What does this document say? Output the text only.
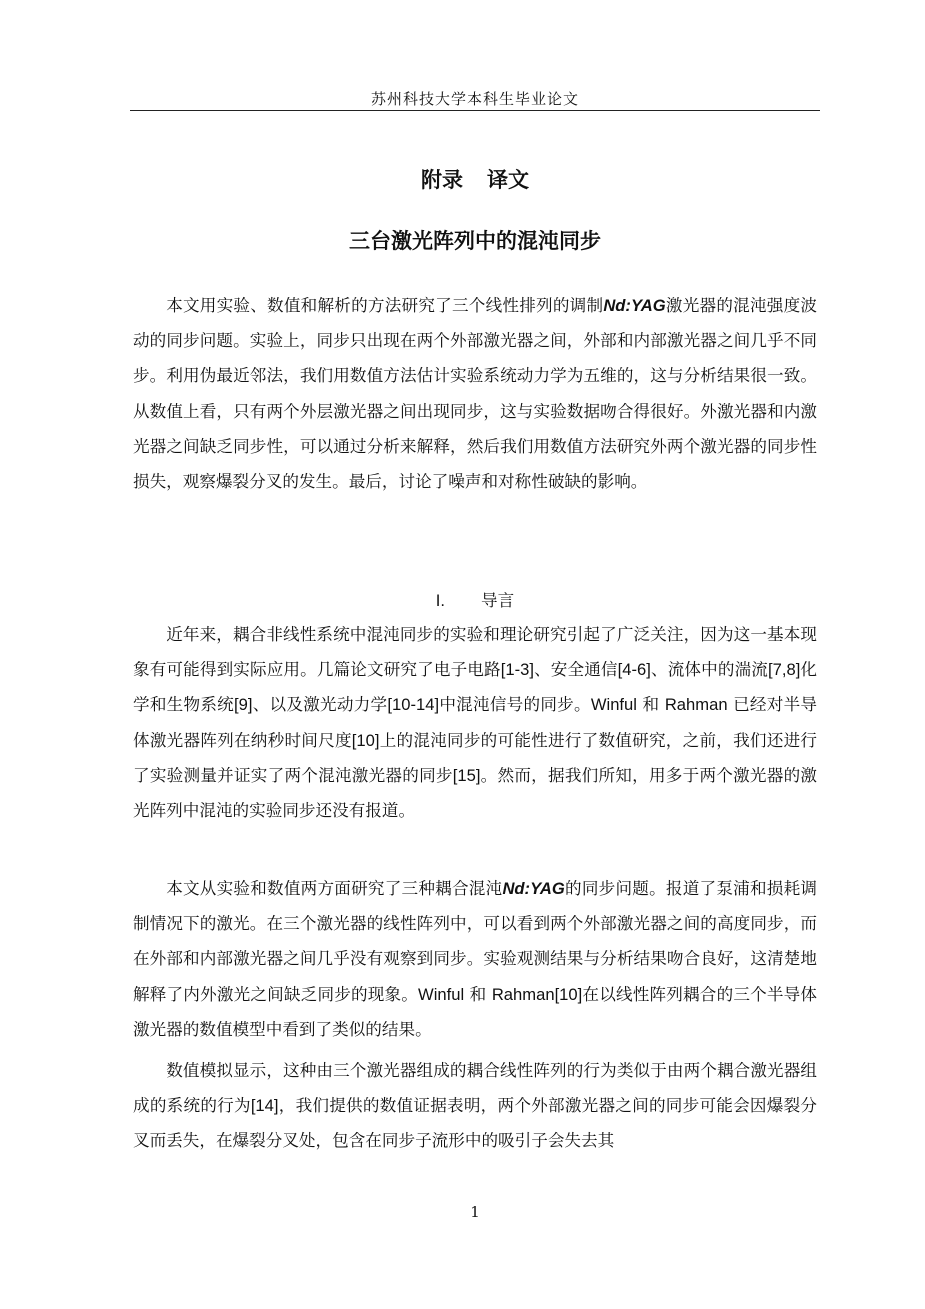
苏州科技大学本科生毕业论文
附录 译文
三台激光阵列中的混沌同步

本文用实验、数值和解析的方法研究了三个线性排列的调制Nd:YAG激光器的混沌强度波动的同步问题。实验上，同步只出现在两个外部激光器之间，外部和内部激光器之间几乎不同步。利用伪最近邻法，我们用数值方法估计实验系统动力学为五维的，这与分析结果很一致。从数值上看，只有两个外层激光器之间出现同步，这与实验数据吻合得很好。外激光器和内激光器之间缺乏同步性，可以通过分析来解释，然后我们用数值方法研究外两个激光器的同步性损失，观察爆裂分叉的发生。最后，讨论了噪声和对称性破缺的影响。

I. 导言

近年来，耦合非线性系统中混沌同步的实验和理论研究引起了广泛关注，因为这一基本现象有可能得到实际应用。几篇论文研究了电子电路[1-3]、安全通信[4-6]、流体中的湍流[7,8]化学和生物系统[9]、以及激光动力学[10-14]中混沌信号的同步。Winful 和 Rahman 已经对半导体激光器阵列在纳秒时间尺度[10]上的混沌同步的可能性进行了数值研究，之前，我们还进行了实验测量并证实了两个混沌激光器的同步[15]。然而，据我们所知，用多于两个激光器的激光阵列中混沌的实验同步还没有报道。

本文从实验和数值两方面研究了三种耦合混沌Nd:YAG的同步问题。报道了泵浦和损耗调制情况下的激光。在三个激光器的线性阵列中，可以看到两个外部激光器之间的高度同步，而在外部和内部激光器之间几乎没有观察到同步。实验观测结果与分析结果吻合良好，这清楚地解释了内外激光之间缺乏同步的现象。Winful 和 Rahman[10]在以线性阵列耦合的三个半导体激光器的数值模型中看到了类似的结果。

数值模拟显示，这种由三个激光器组成的耦合线性阵列的行为类似于由两个耦合激光器组成的系统的行为[14]，我们提供的数值证据表明，两个外部激光器之间的同步可能会因爆裂分叉而丢失，在爆裂分叉处，包含在同步子流形中的吸引子会失去其

1
